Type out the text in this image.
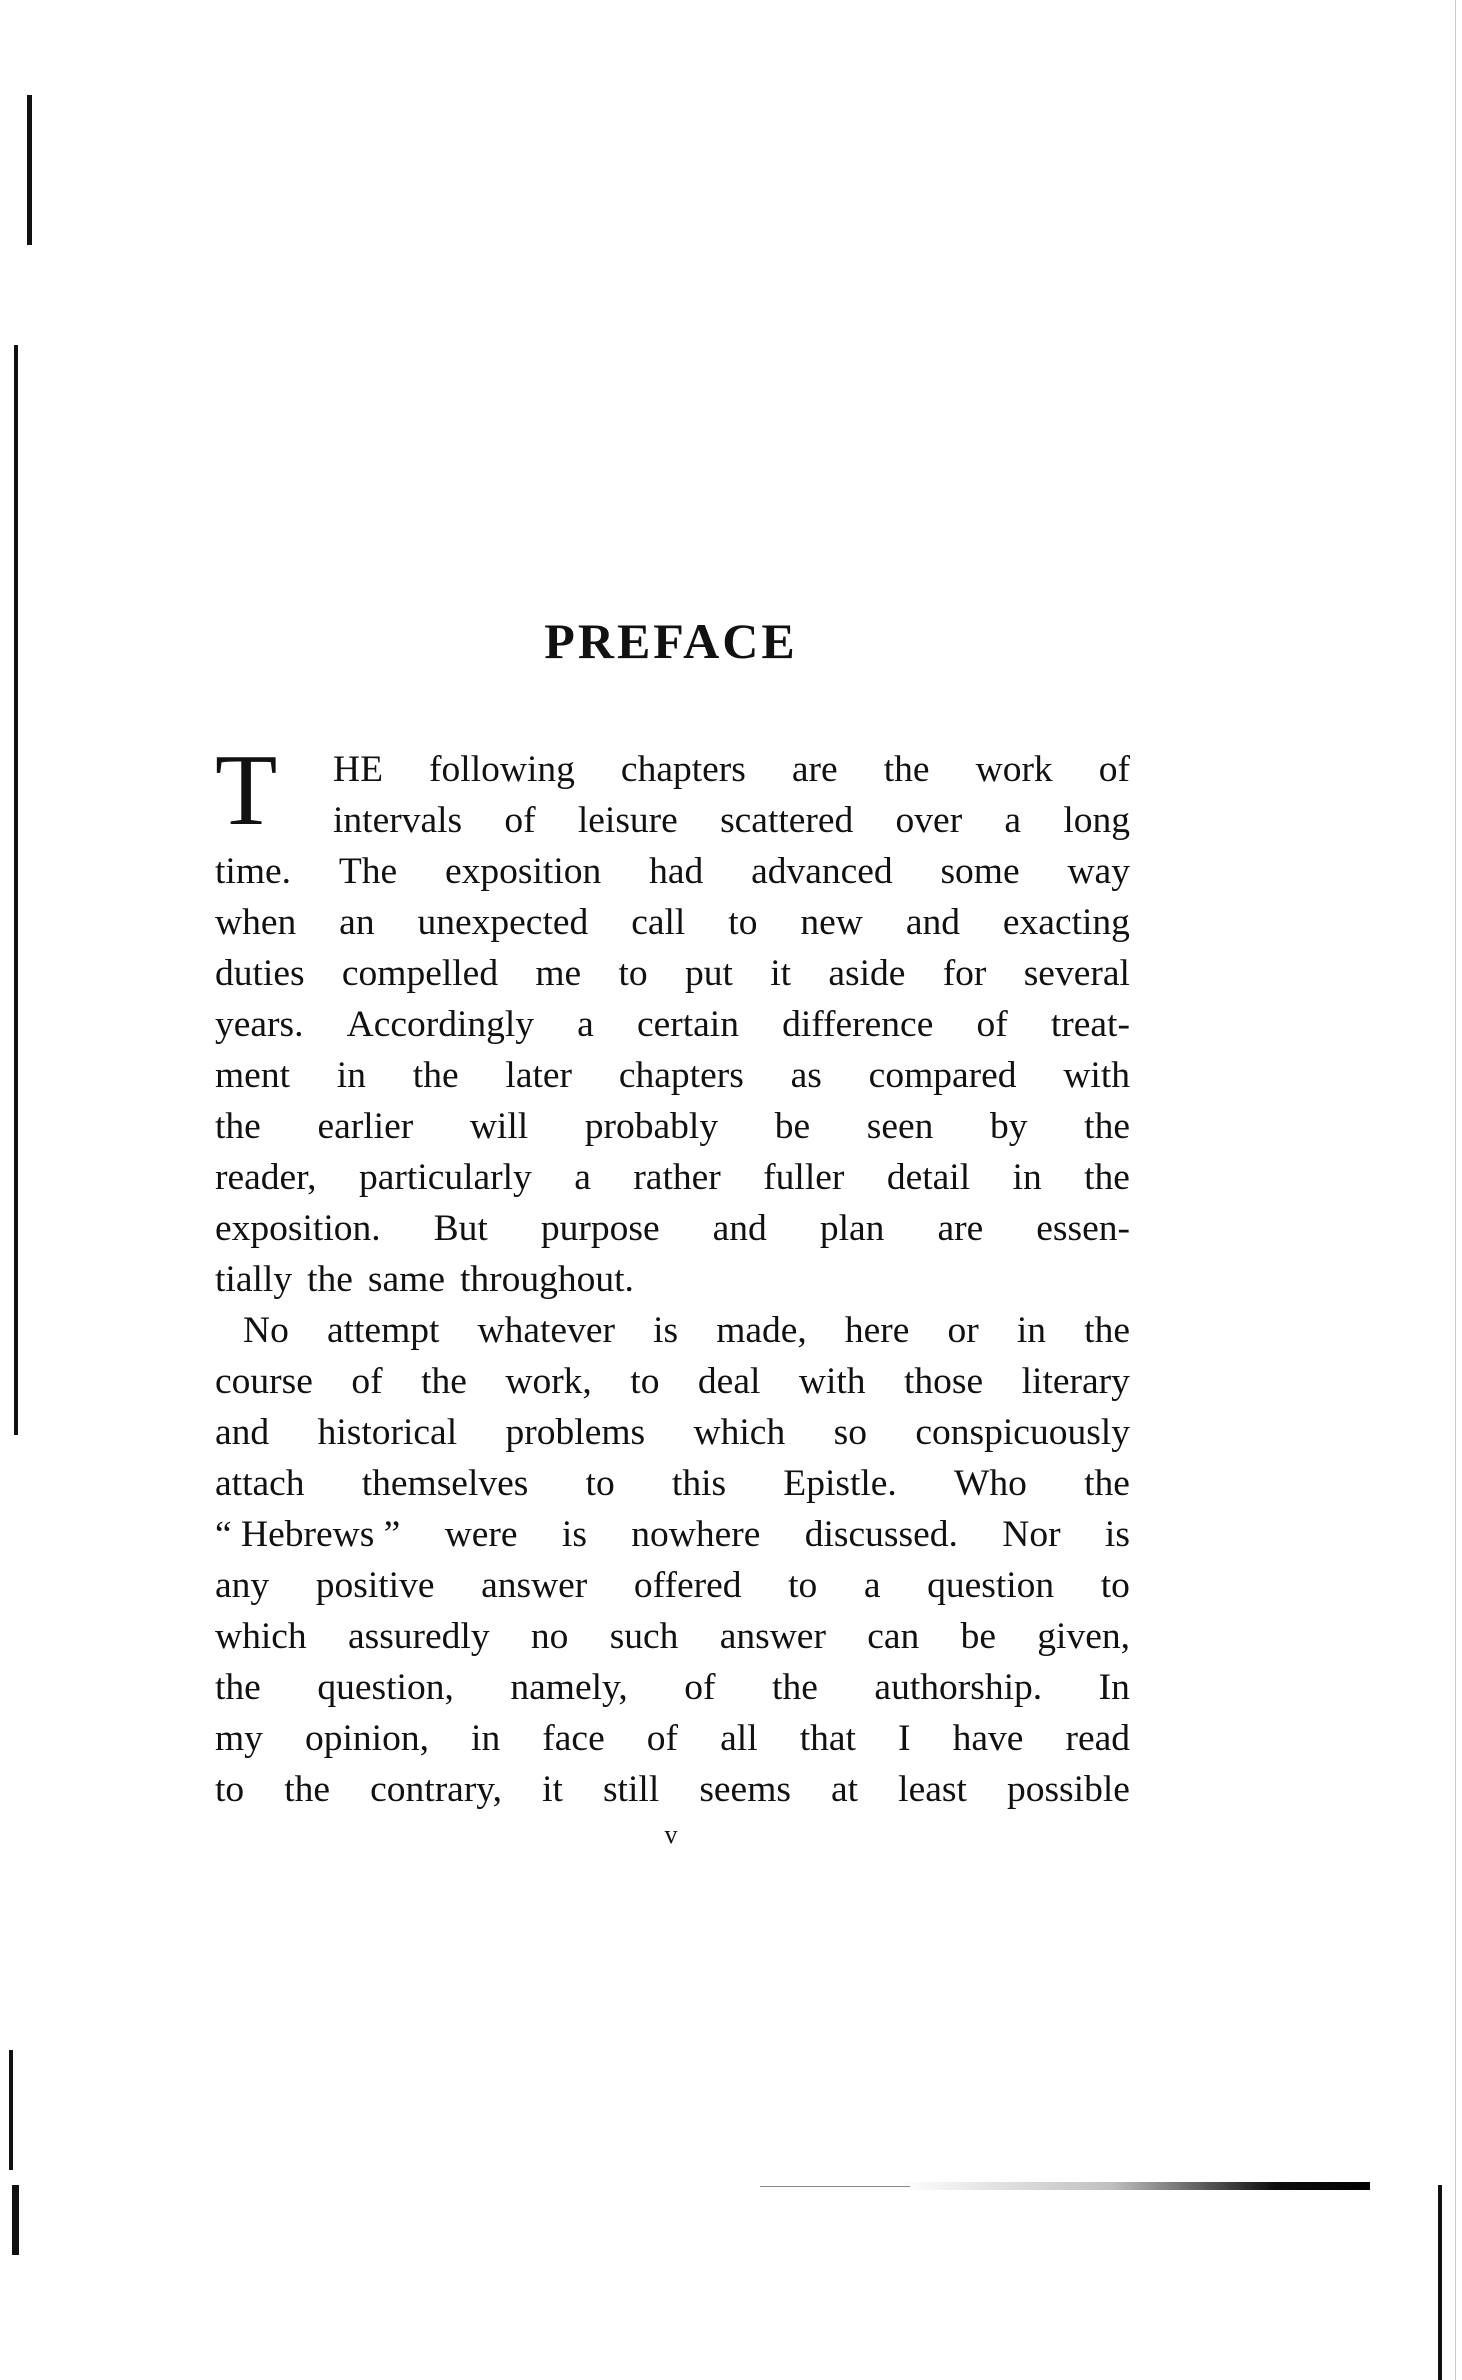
PREFACE
T HE following chapters are the work of
intervals of leisure scattered over a long
time. The exposition had advanced some way
when an unexpected call to new and exacting
duties compelled me to put it aside for several
years. Accordingly a certain difference of treat-
ment in the later chapters as compared with
the earlier will probably be seen by the
reader, particularly a rather fuller detail in the
exposition. But purpose and plan are essen-
tially the same throughout.
No attempt whatever is made, here or in the
course of the work, to deal with those literary
and historical problems which so conspicuously
attach themselves to this Epistle. Who the
“ Hebrews ” were is nowhere discussed. Nor is
any positive answer offered to a question to
which assuredly no such answer can be given,
the question, namely, of the authorship. In
my opinion, in face of all that I have read
to the contrary, it still seems at least possible
v
